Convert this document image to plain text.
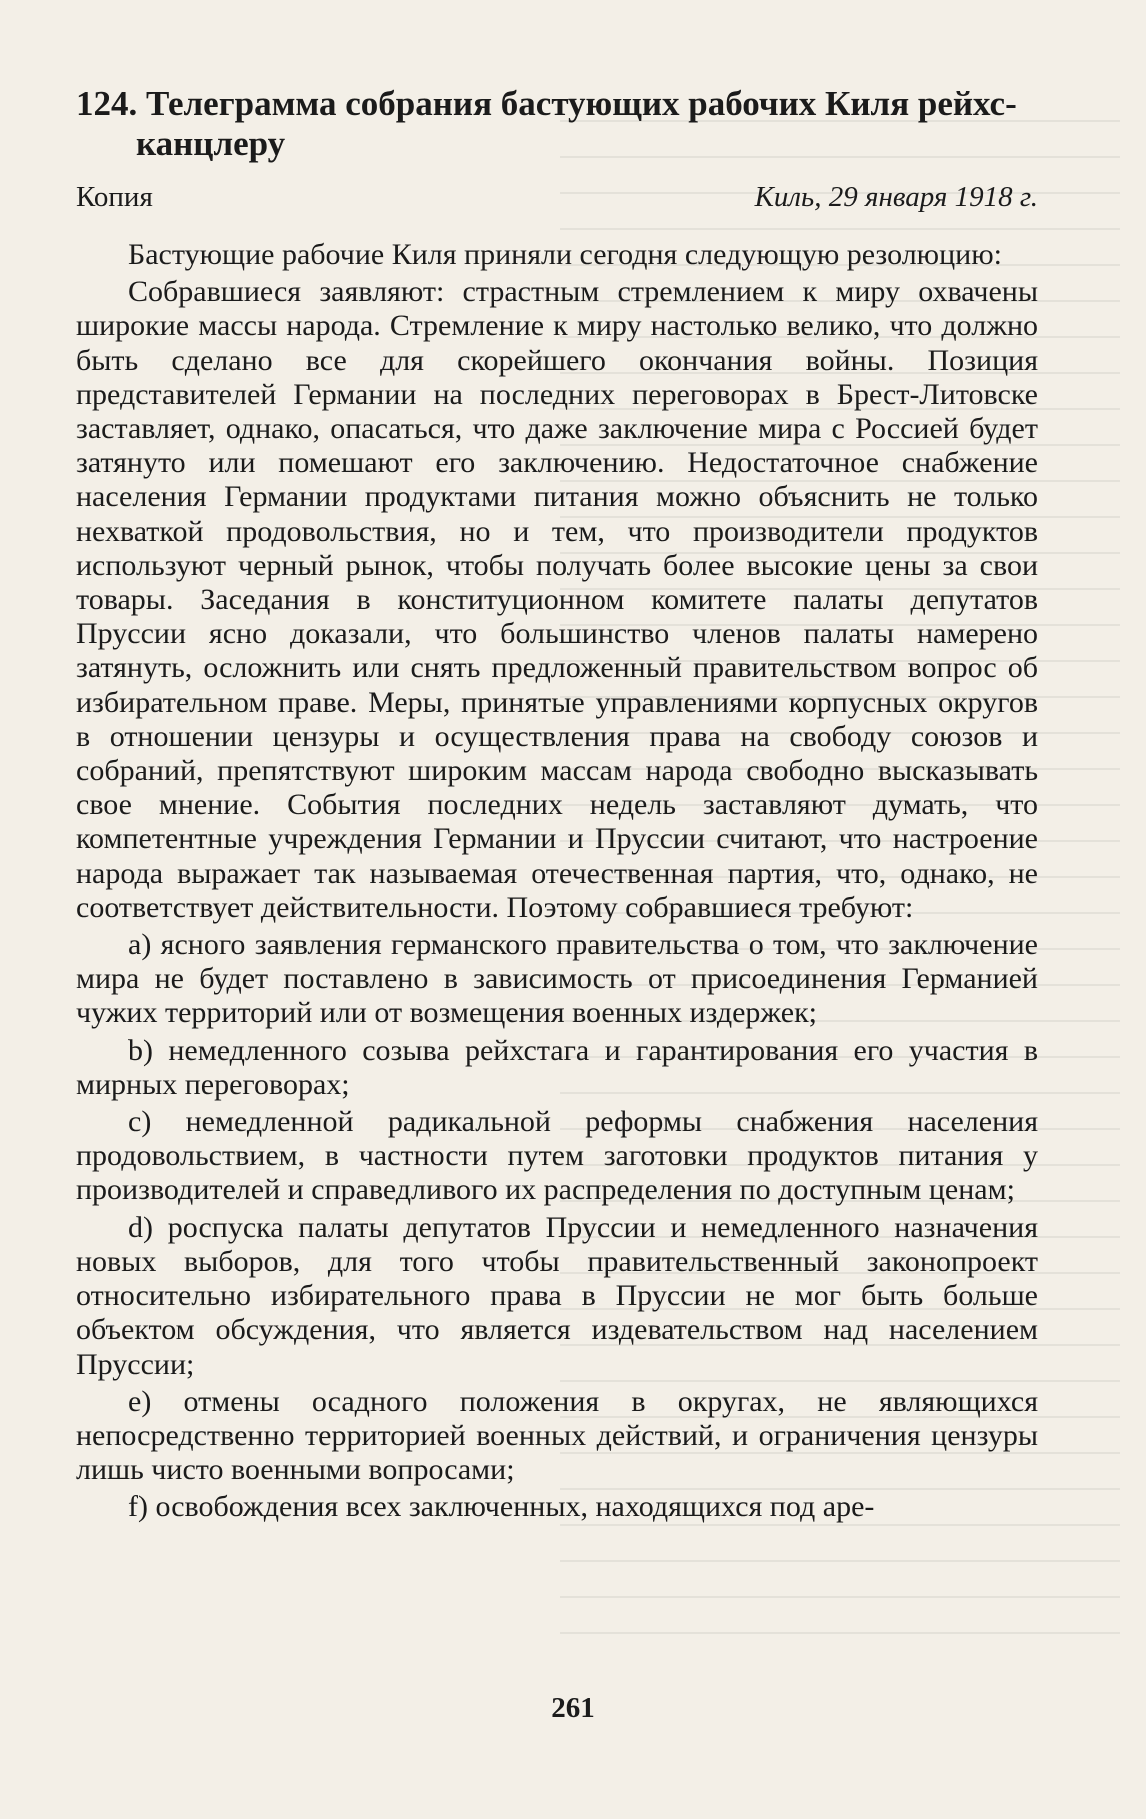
124. Телеграмма собрания бастующих рабочих Киля рейхс-
канцлеру
Копия	Киль, 29 января 1918 г.

Бастующие рабочие Киля приняли сегодня следующую резолюцию:

Собравшиеся заявляют: страстным стремлением к миру охвачены широкие массы народа. Стремление к миру настолько велико, что должно быть сделано все для скорейшего окончания войны. Позиция представителей Германии на последних переговорах в Брест-Литовске заставляет, однако, опасаться, что даже заключение мира с Россией будет затянуто или помешают его заключению. Недостаточное снабжение населения Германии продуктами питания можно объяснить не только нехваткой продовольствия, но и тем, что производители продуктов используют черный рынок, чтобы получать более высокие цены за свои товары. Заседания в конституционном комитете палаты депутатов Пруссии ясно доказали, что большинство членов палаты намерено затянуть, осложнить или снять предложенный правительством вопрос об избирательном праве. Меры, принятые управлениями корпусных округов в отношении цензуры и осуществления права на свободу союзов и собраний, препятствуют широким массам народа свободно высказывать свое мнение. События последних недель заставляют думать, что компетентные учреждения Германии и Пруссии считают, что настроение народа выражает так называемая отечественная партия, что, однако, не соответствует действительности. Поэтому собравшиеся требуют:

a) ясного заявления германского правительства о том, что заключение мира не будет поставлено в зависимость от присоединения Германией чужих территорий или от возмещения военных издержек;

b) немедленного созыва рейхстага и гарантирования его участия в мирных переговорах;

c) немедленной радикальной реформы снабжения населения продовольствием, в частности путем заготовки продуктов питания у производителей и справедливого их распределения по доступным ценам;

d) роспуска палаты депутатов Пруссии и немедленного назначения новых выборов, для того чтобы правительственный законопроект относительно избирательного права в Пруссии не мог быть больше объектом обсуждения, что является издевательством над населением Пруссии;

e) отмены осадного положения в округах, не являющихся непосредственно территорией военных действий, и ограничения цензуры лишь чисто военными вопросами;

f) освобождения всех заключенных, находящихся под аре-

261
